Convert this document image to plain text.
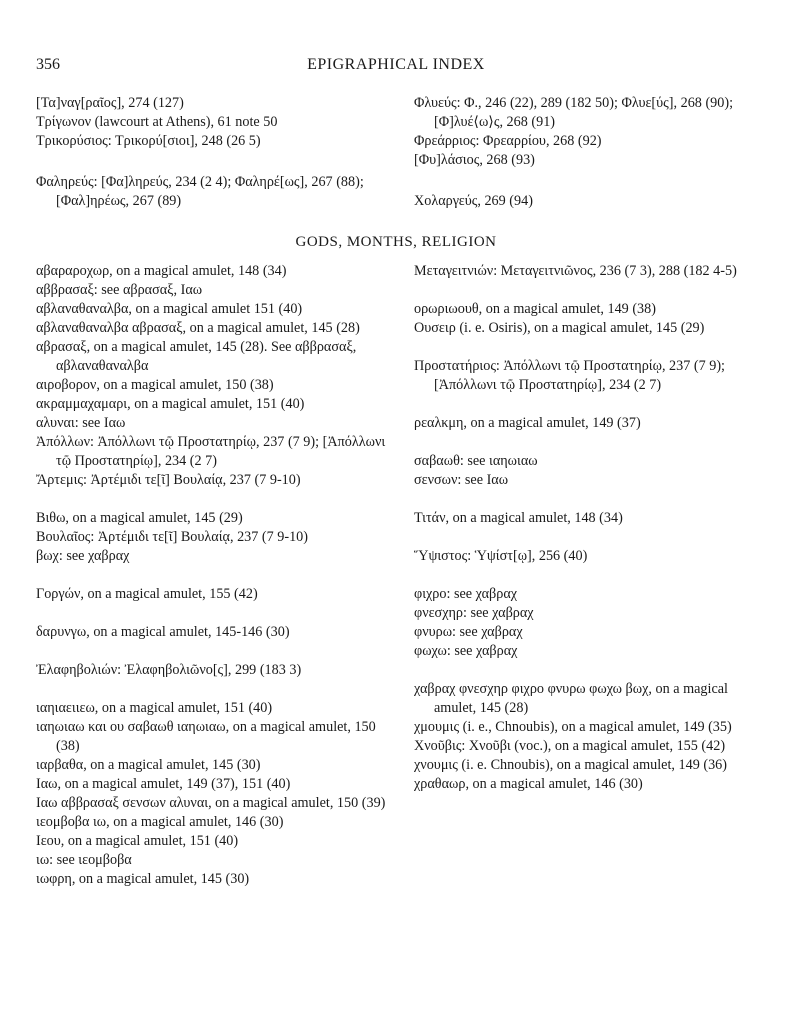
356	EPIGRAPHICAL INDEX

[Τα]ναγ[ραῖος], 274 (127)

Τρίγωνον (lawcourt at Athens), 61 note 50

Τρικορύσιος: Τρικορύ[σιοι], 248 (26 5)

Φαληρεύς: [Φα]ληρεύς, 234 (2 4); Φαληρέ[ως], 267 (88); [Φαλ]ηρέως, 267 (89)

Φλυεύς: Φ., 246 (22), 289 (182 50); Φλυε[ύς], 268 (90); [Φ]λυέ⟨ω⟩ς, 268 (91)

Φρεάρριος: Φρεαρρίου, 268 (92)

[Φυ]λάσιος, 268 (93)

Χολαργεύς, 269 (94)

GODS, MONTHS, RELIGION

αβαραροχωρ, on a magical amulet, 148 (34)

αββρασαξ: see αβρασαξ, Ιαω

αβλαναθαναλβα, on a magical amulet 151 (40)

αβλαναθαναλβα αβρασαξ, on a magical amulet, 145 (28)

αβρασαξ, on a magical amulet, 145 (28). See αββρασαξ, αβλαναθαναλβα

αιροβορον, on a magical amulet, 150 (38)

ακραμμαχαμαρι, on a magical amulet, 151 (40)

αλυναι: see Ιαω

Ἀπόλλων: Ἀπόλλωνι τῷ Προστατηρίῳ, 237 (7 9); [Ἀπόλλωνι τῷ Προστατηρίῳ], 234 (2 7)

Ἄρτεμις: Ἀρτέμιδι τε[ῖ] Βουλαίᾳ, 237 (7 9-10)

Βιθω, on a magical amulet, 145 (29)

Βουλαῖος: Ἀρτέμιδι τε[ῖ] Βουλαίᾳ, 237 (7 9-10)

βωχ: see χαβραχ

Γοργών, on a magical amulet, 155 (42)

δαρυνγω, on a magical amulet, 145-146 (30)

Ἐλαφηβολιών: Ἐλαφηβολιῶνο[ς], 299 (183 3)

ιαηιαειιεω, on a magical amulet, 151 (40)

ιαηωιαω και ου σαβαωθ ιαηωιαω, on a magical amulet, 150 (38)

ιαρβαθα, on a magical amulet, 145 (30)

Ιαω, on a magical amulet, 149 (37), 151 (40)

Ιαω αββρασαξ σενσων αλυναι, on a magical amulet, 150 (39)

ιεομβοβα ιω, on a magical amulet, 146 (30)

Ιεου, on a magical amulet, 151 (40)

ιω: see ιεομβοβα

ιωφρη, on a magical amulet, 145 (30)

Μεταγειτνιών: Μεταγειτνιῶνος, 236 (7 3), 288 (182 4-5)

ορωριωουθ, on a magical amulet, 149 (38)

Ουσειρ (i. e. Osiris), on a magical amulet, 145 (29)

Προστατήριος: Ἀπόλλωνι τῷ Προστατηρίῳ, 237 (7 9); [Ἀπόλλωνι τῷ Προστατηρίῳ], 234 (2 7)

ρεαλκμη, on a magical amulet, 149 (37)

σαβαωθ: see ιαηωιαω

σενσων: see Ιαω

Τιτάν, on a magical amulet, 148 (34)

Ὕψιστος: Ὑψίστ[ῳ], 256 (40)

φιχρο: see χαβραχ

φνεσχηρ: see χαβραχ

φνυρω: see χαβραχ

φωχω: see χαβραχ

χαβραχ φνεσχηρ φιχρο φνυρω φωχω βωχ, on a magical amulet, 145 (28)

χμουμις (i. e., Chnoubis), on a magical amulet, 149 (35)

Χνοῦβις: Χνοῦβι (voc.), on a magical amulet, 155 (42)

χνουμις (i. e. Chnoubis), on a magical amulet, 149 (36)

χραθαωρ, on a magical amulet, 146 (30)
